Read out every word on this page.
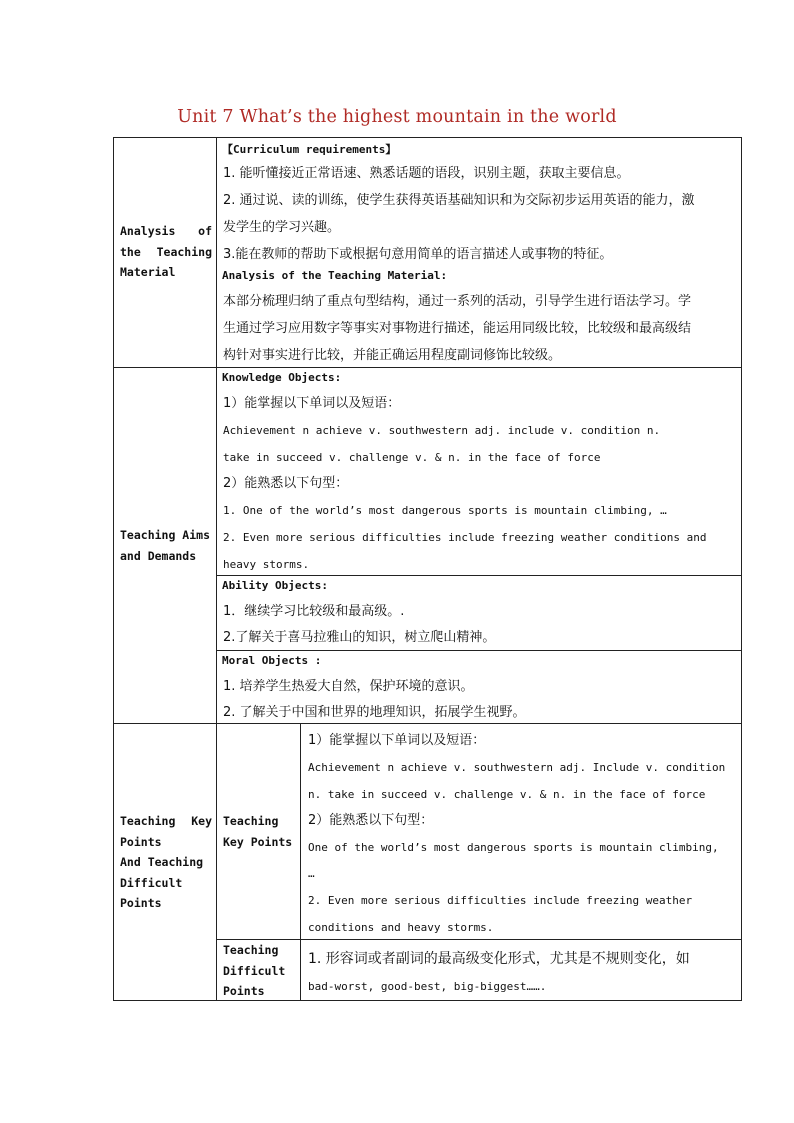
Unit 7 What’s the highest mountain in the world
Analysis of
the Teaching
Material
【Curriculum requirements】
1. 能听懂接近正常语速、熟悉话题的语段，识别主题，获取主要信息。
2. 通过说、读的训练，使学生获得英语基础知识和为交际初步运用英语的能力，激
发学生的学习兴趣。
3.能在教师的帮助下或根据句意用简单的语言描述人或事物的特征。
Analysis of the Teaching Material:
本部分梳理归纳了重点句型结构，通过一系列的活动，引导学生进行语法学习。学
生通过学习应用数字等事实对事物进行描述，能运用同级比较，比较级和最高级结
构针对事实进行比较，并能正确运用程度副词修饰比较级。
Teaching Aims
and Demands
Knowledge Objects:
1）能掌握以下单词以及短语：
Achievement n achieve v. southwestern adj. include v. condition n.
take in succeed v. challenge v. & n. in the face of force
2）能熟悉以下句型：
1. One of the world’s most dangerous sports is mountain climbing, …
2. Even more serious difficulties include freezing weather conditions and
heavy storms.
Ability Objects:
1．继续学习比较级和最高级。.
2.了解关于喜马拉雅山的知识，树立爬山精神。
Moral Objects :
1. 培养学生热爱大自然，保护环境的意识。
2. 了解关于中国和世界的地理知识，拓展学生视野。
Teaching Key
Points
And Teaching
Difficult
Points
Teaching
Key Points
1）能掌握以下单词以及短语：
Achievement n achieve v. southwestern adj. Include v. condition
n. take in succeed v. challenge v. & n. in the face of force
2）能熟悉以下句型：
One of the world’s most dangerous sports is mountain climbing,
…
2. Even more serious difficulties include freezing weather
conditions and heavy storms.
Teaching
Difficult
Points
1. 形容词或者副词的最高级变化形式，尤其是不规则变化，如
bad-worst, good-best, big-biggest…….
